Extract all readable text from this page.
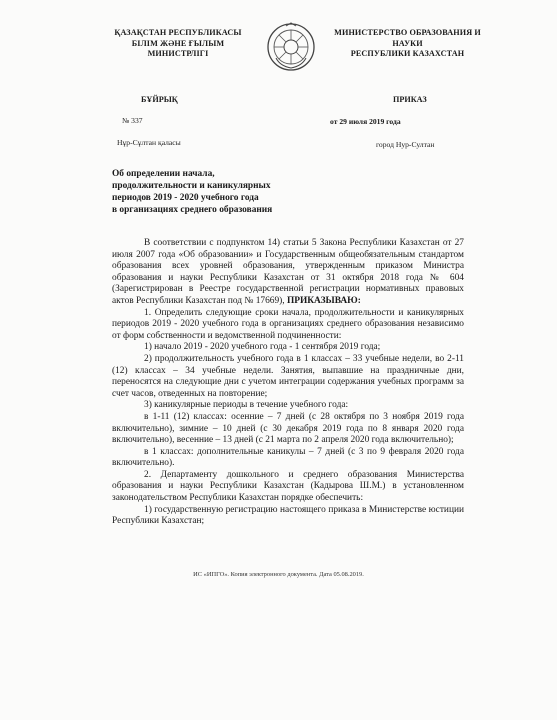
ҚАЗАҚСТАН РЕСПУБЛИКАСЫ
БІЛІМ ЖӘНЕ ҒЫЛЫМ
МИНИСТРЛІГІ
МИНИСТЕРСТВО ОБРАЗОВАНИЯ И
НАУКИ
РЕСПУБЛИКИ КАЗАХСТАН
БҰЙРЫҚ	ПРИКАЗ
№ 337	от 29 июля 2019 года
Нұр-Сұлтан қаласы	город Нур-Султан
Об определении начала,
продолжительности и каникулярных
периодов 2019 - 2020 учебного года
в организациях среднего образования

В соответствии с подпунктом 14) статьи 5 Закона Республики Казахстан от 27 июля 2007 года «Об образовании» и Государственным общеобязательным стандартом образования всех уровней образования, утвержденным приказом Министра образования и науки Республики Казахстан от 31 октября 2018 года № 604 (Зарегистрирован в Реестре государственной регистрации нормативных правовых актов Республики Казахстан под № 17669), ПРИКАЗЫВАЮ:

1. Определить следующие сроки начала, продолжительности и каникулярных периодов 2019 - 2020 учебного года в организациях среднего образования независимо от форм собственности и ведомственной подчиненности:

1) начало 2019 - 2020 учебного года - 1 сентября 2019 года;

2) продолжительность учебного года в 1 классах – 33 учебные недели, во 2-11 (12) классах – 34 учебные недели. Занятия, выпавшие на праздничные дни, переносятся на следующие дни с учетом интеграции содержания учебных программ за счет часов, отведенных на повторение;

3) каникулярные периоды в течение учебного года:

в 1-11 (12) классах: осенние – 7 дней (с 28 октября по 3 ноября 2019 года включительно), зимние – 10 дней (с 30 декабря 2019 года по 8 января 2020 года включительно), весенние – 13 дней (с 21 марта по 2 апреля 2020 года включительно);

в 1 классах: дополнительные каникулы – 7 дней (с 3 по 9 февраля 2020 года включительно).

2. Департаменту дошкольного и среднего образования Министерства образования и науки Республики Казахстан (Кадырова Ш.М.) в установленном законодательством Республики Казахстан порядке обеспечить:

1) государственную регистрацию настоящего приказа в Министерстве юстиции Республики Казахстан;

ИС «ИПГО». Копия электронного документа. Дата 05.08.2019.
